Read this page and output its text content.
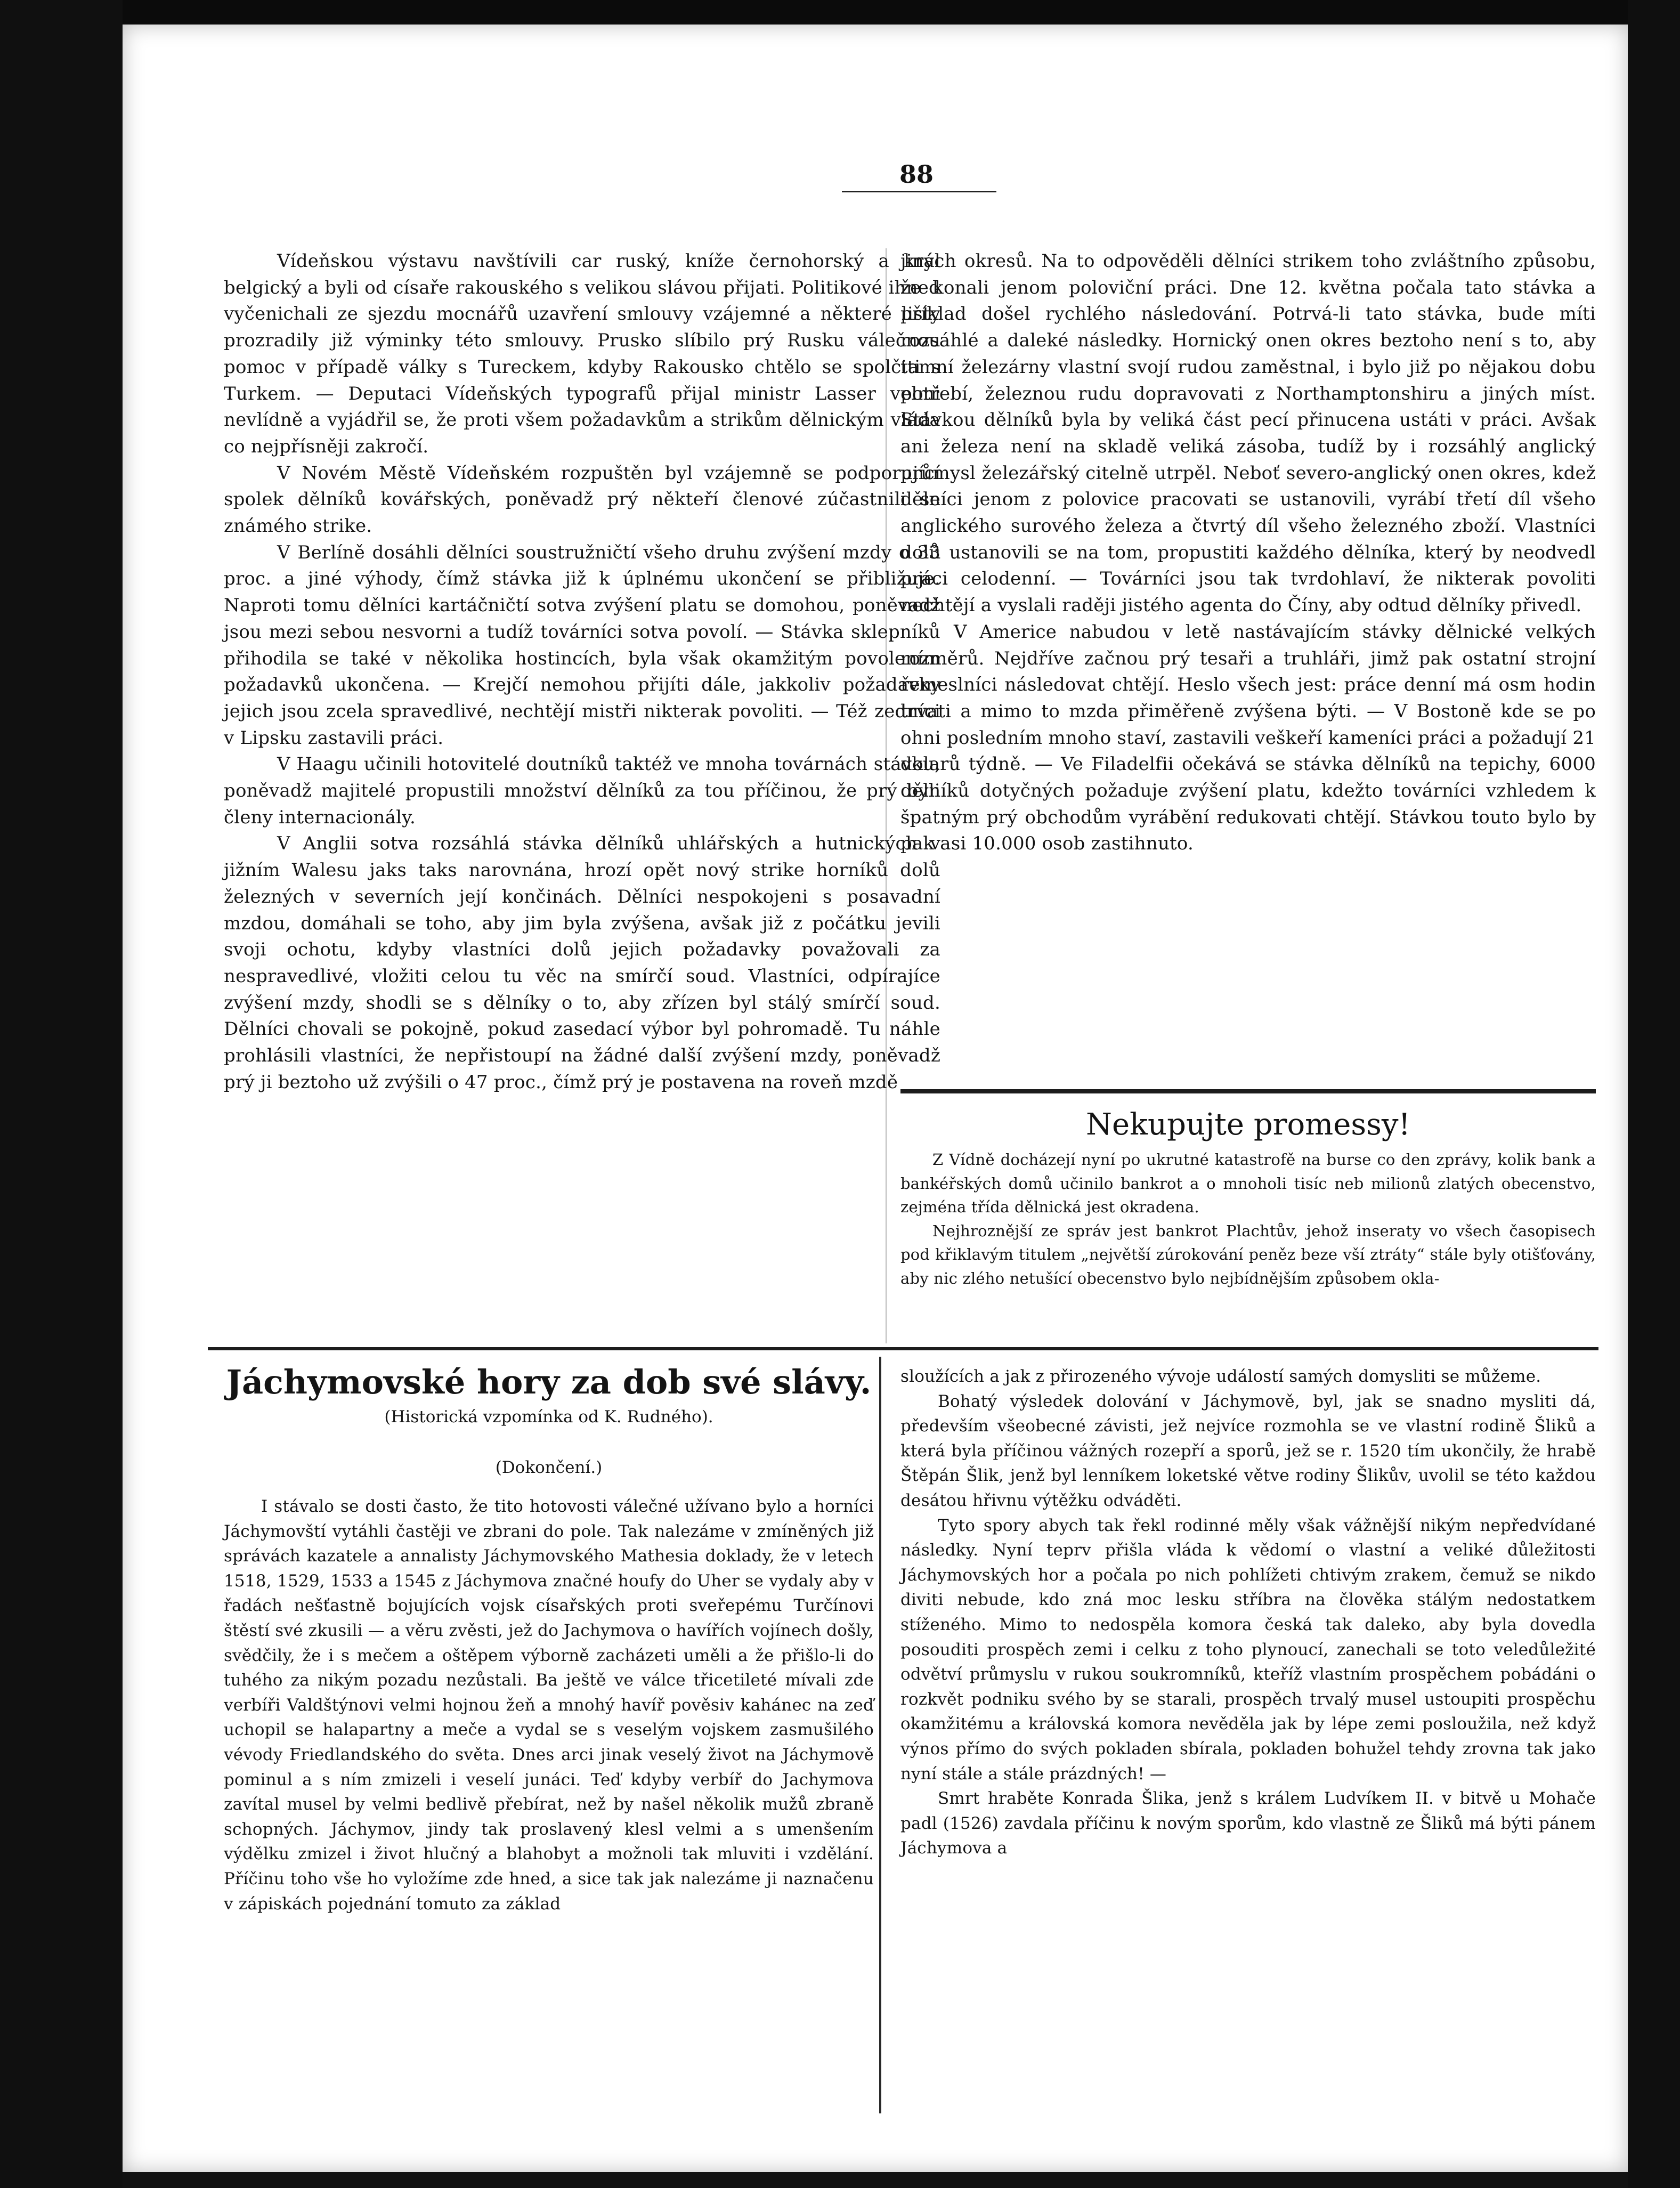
88

Vídeňskou výstavu navštívili car ruský, kníže černohorský a král belgický a byli od císaře rakouského s velikou slávou přijati. Politikové ihned vyčenichali ze sjezdu mocnářů uzavření smlouvy vzájemné a některé listy prozradily již výminky této smlouvy. Prusko slíbilo prý Rusku válečnou pomoc v případě války s Tureckem, kdyby Rakousko chtělo se spolčiti s Turkem. — Deputaci Vídeňských typografů přijal ministr Lasser velmi nevlídně a vyjádřil se, že proti všem požadavkům a strikům dělnickým vláda co nejpřísněji zakročí.

V Novém Městě Vídeňském rozpuštěn byl vzájemně se podporující spolek dělníků kovářských, poněvadž prý někteří členové zúčastnili se známého strike.

V Berlíně dosáhli dělníci soustružničtí všeho druhu zvýšení mzdy o 33 proc. a jiné výhody, čímž stávka již k úplnému ukončení se přibližuje. Naproti tomu dělníci kartáčničtí sotva zvýšení platu se domohou, poněvadž jsou mezi sebou nesvorni a tudíž továrníci sotva povolí. — Stávka sklepníků přihodila se také v několika hostincích, byla však okamžitým povolením požadavků ukončena. — Krejčí nemohou přijíti dále, jakkoliv požadavky jejich jsou zcela spravedlivé, nechtějí mistři nikterak povoliti. — Též zedníci v Lipsku zastavili práci.

V Haagu učinili hotovitelé doutníků taktéž ve mnoha továrnách stávku, poněvadž majitelé propustili množství dělníků za tou příčinou, že prý byli členy internacionály.

V Anglii sotva rozsáhlá stávka dělníků uhlářských a hutnických v jižním Walesu jaks taks narovnána, hrozí opět nový strike horníků dolů železných v severních její končinách. Dělníci nespokojeni s posavadní mzdou, domáhali se toho, aby jim byla zvýšena, avšak již z počátku jevili svoji ochotu, kdyby vlastníci dolů jejich požadavky považovali za nespravedlivé, vložiti celou tu věc na smírčí soud. Vlastníci, odpírajíce zvýšení mzdy, shodli se s dělníky o to, aby zřízen byl stálý smírčí soud. Dělníci chovali se pokojně, pokud zasedací výbor byl pohromadě. Tu náhle prohlásili vlastníci, že nepřistoupí na žádné další zvýšení mzdy, poněvadž prý ji beztoho už zvýšili o 47 proc., čímž prý je postavena na roveň mzdě

jiných okresů. Na to odpověděli dělníci strikem toho zvláštního způsobu, že konali jenom poloviční práci. Dne 12. května počala tato stávka a příklad došel rychlého následování. Potrvá-li tato stávka, bude míti rozsáhlé a daleké následky. Hornický onen okres beztoho není s to, aby tamní železárny vlastní svojí rudou zaměstnal, i bylo již po nějakou dobu potřebí, železnou rudu dopravovati z Northamptonshiru a jiných míst. Stávkou dělníků byla by veliká část pecí přinucena ustáti v práci. Avšak ani železa není na skladě veliká zásoba, tudíž by i rozsáhlý anglický průmysl železářský citelně utrpěl. Neboť severo-anglický onen okres, kdež dělníci jenom z polovice pracovati se ustanovili, vyrábí třetí díl všeho anglického surového železa a čtvrtý díl všeho železného zboží. Vlastníci dolů ustanovili se na tom, propustiti každého dělníka, který by neodvedl práci celodenní. — Továrníci jsou tak tvrdohlaví, že nikterak povoliti nechtějí a vyslali raději jistého agenta do Číny, aby odtud dělníky přivedl.

V Americe nabudou v letě nastávajícím stávky dělnické velkých rozměrů. Nejdříve začnou prý tesaři a truhláři, jimž pak ostatní strojní řemeslníci následovat chtějí. Heslo všech jest: práce denní má osm hodin trvati a mimo to mzda přiměřeně zvýšena býti. — V Bostoně kde se po ohni posledním mnoho staví, zastavili veškeří kameníci práci a požadují 21 dolarů týdně. — Ve Filadelfii očekává se stávka dělníků na tepichy, 6000 dělníků dotyčných požaduje zvýšení platu, kdežto továrníci vzhledem k špatným prý obchodům vyrábění redukovati chtějí. Stávkou touto bylo by pak asi 10.000 osob zastihnuto.

Nekupujte promessy!

Z Vídně docházejí nyní po ukrutné katastrofě na burse co den zprávy, kolik bank a bankéřských domů učinilo bankrot a o mnoholi tisíc neb milionů zlatých obecenstvo, zejména třída dělnická jest okradena.

Nejhroznější ze správ jest bankrot Plachtův, jehož inseraty vo všech časopisech pod křiklavým titulem „největší zúrokování peněz beze vší ztráty“ stále byly otišťovány, aby nic zlého netušící obecenstvo bylo nejbídnějším způsobem okla-

Jáchymovské hory za dob své slávy.
(Historická vzpomínka od K. Rudného).
(Dokončení.)

I stávalo se dosti často, že tito hotovosti válečné užívano bylo a horníci Jáchymovští vytáhli častěji ve zbrani do pole. Tak nalezáme v zmíněných již správách kazatele a annalisty Jáchymovského Mathesia doklady, že v letech 1518, 1529, 1533 a 1545 z Jáchymova značné houfy do Uher se vydaly aby v řadách nešťastně bojujících vojsk císařských proti sveřepému Turčínovi štěstí své zkusili — a věru zvěsti, jež do Jachymova o havířích vojínech došly, svědčily, že i s mečem a oštěpem výborně zacházeti uměli a že přišlo-li do tuhého za nikým pozadu nezůstali. Ba ještě ve válce třicetileté mívali zde verbíři Valdštýnovi velmi hojnou žeň a mnohý havíř pověsiv kahánec na zeď uchopil se halapartny a meče a vydal se s veselým vojskem zasmušilého vévody Friedlandského do světa. Dnes arci jinak veselý život na Jáchymově pominul a s ním zmizeli i veselí junáci. Teď kdyby verbíř do Jachymova zavítal musel by velmi bedlivě přebírat, než by našel několik mužů zbraně schopných. Jáchymov, jindy tak proslavený klesl velmi a s umenšením výdělku zmizel i život hlučný a blahobyt a možnoli tak mluviti i vzdělání. Příčinu toho vše ho vyložíme zde hned, a sice tak jak nalezáme ji naznačenu v zápiskách pojednání tomuto za základ

sloužících a jak z přirozeného vývoje událostí samých domysliti se můžeme.

Bohatý výsledek dolování v Jáchymově, byl, jak se snadno mysliti dá, především všeobecné závisti, jež nejvíce rozmohla se ve vlastní rodině Šliků a která byla příčinou vážných rozepří a sporů, jež se r. 1520 tím ukončily, že hrabě Štěpán Šlik, jenž byl lenníkem loketské větve rodiny Šlikův, uvolil se této každou desátou hřivnu výtěžku odváděti.

Tyto spory abych tak řekl rodinné měly však vážnější nikým nepředvídané následky. Nyní teprv přišla vláda k vědomí o vlastní a veliké důležitosti Jáchymovských hor a počala po nich pohlížeti chtivým zrakem, čemuž se nikdo diviti nebude, kdo zná moc lesku stříbra na člověka stálým nedostatkem stíženého. Mimo to nedospěla komora česká tak daleko, aby byla dovedla posouditi prospěch zemi i celku z toho plynoucí, zanechali se toto veledůležité odvětví průmyslu v rukou soukromníků, kteříž vlastním prospěchem pobádáni o rozkvět podniku svého by se starali, prospěch trvalý musel ustoupiti prospěchu okamžitému a královská komora nevěděla jak by lépe zemi posloužila, než když výnos přímo do svých pokladen sbírala, pokladen bohužel tehdy zrovna tak jako nyní stále a stále prázdných! —

Smrt hraběte Konrada Šlika, jenž s králem Ludvíkem II. v bitvě u Mohače padl (1526) zavdala příčinu k novým sporům, kdo vlastně ze Šliků má býti pánem Jáchymova a
